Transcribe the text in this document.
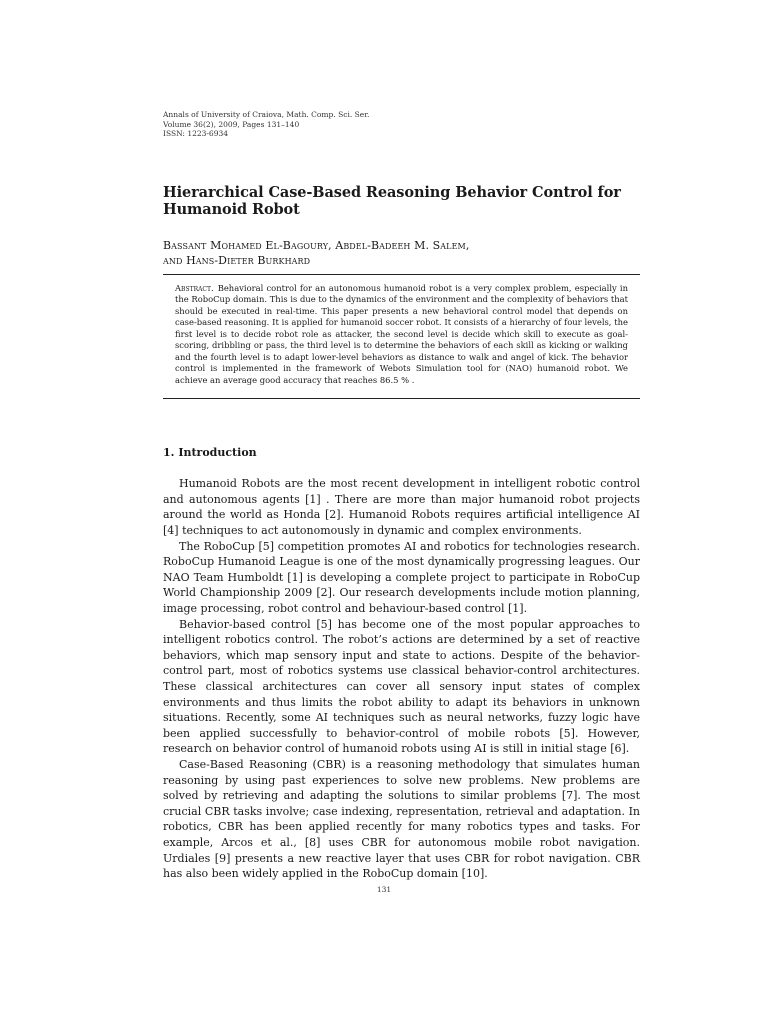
Annals of University of Craiova, Math. Comp. Sci. Ser.
Volume 36(2), 2009, Pages 131–140
ISSN: 1223-6934
Hierarchical Case-Based Reasoning Behavior Control for
Humanoid Robot
Bassant Mohamed El-Bagoury, Abdel-Badeeh M. Salem,
and Hans-Dieter Burkhard
Abstract. Behavioral control for an autonomous humanoid robot is a very complex problem, especially in the RoboCup domain. This is due to the dynamics of the environment and the complexity of behaviors that should be executed in real-time. This paper presents a new behavioral control model that depends on case-based reasoning. It is applied for humanoid soccer robot. It consists of a hierarchy of four levels, the first level is to decide robot role as attacker, the second level is decide which skill to execute as goal-scoring, dribbling or pass, the third level is to determine the behaviors of each skill as kicking or walking and the fourth level is to adapt lower-level behaviors as distance to walk and angel of kick. The behavior control is implemented in the framework of Webots Simulation tool for (NAO) humanoid robot. We achieve an average good accuracy that reaches 86.5 % .
1. Introduction

Humanoid Robots are the most recent development in intelligent robotic control and autonomous agents [1] . There are more than major humanoid robot projects around the world as Honda [2]. Humanoid Robots requires artificial intelligence AI [4] techniques to act autonomously in dynamic and complex environments.

The RoboCup [5] competition promotes AI and robotics for technologies research. RoboCup Humanoid League is one of the most dynamically progressing leagues. Our NAO Team Humboldt [1] is developing a complete project to participate in RoboCup World Championship 2009 [2]. Our research developments include motion planning, image processing, robot control and behaviour-based control [1].

Behavior-based control [5] has become one of the most popular approaches to intelligent robotics control. The robot’s actions are determined by a set of reactive behaviors, which map sensory input and state to actions. Despite of the behavior-control part, most of robotics systems use classical behavior-control architectures. These classical architectures can cover all sensory input states of complex environments and thus limits the robot ability to adapt its behaviors in unknown situations. Recently, some AI techniques such as neural networks, fuzzy logic have been applied successfully to behavior-control of mobile robots [5]. However, research on behavior control of humanoid robots using AI is still in initial stage [6].

Case-Based Reasoning (CBR) is a reasoning methodology that simulates human reasoning by using past experiences to solve new problems. New problems are solved by retrieving and adapting the solutions to similar problems [7]. The most crucial CBR tasks involve; case indexing, representation, retrieval and adaptation. In robotics, CBR has been applied recently for many robotics types and tasks. For example, Arcos et al., [8] uses CBR for autonomous mobile robot navigation. Urdiales [9] presents a new reactive layer that uses CBR for robot navigation. CBR has also been widely applied in the RoboCup domain [10].

131
